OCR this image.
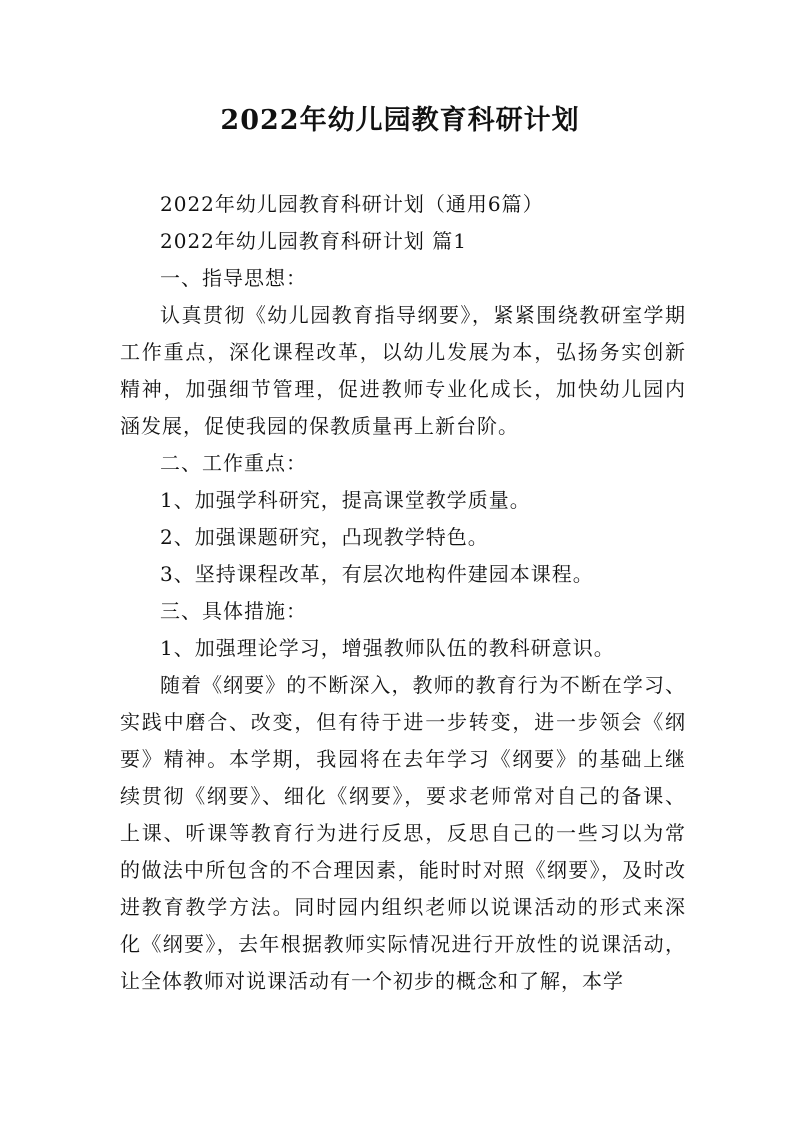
2022年幼儿园教育科研计划

2022年幼儿园教育科研计划（通用6篇）

2022年幼儿园教育科研计划 篇1

一、指导思想：

认真贯彻《幼儿园教育指导纲要》，紧紧围绕教研室学期工作重点，深化课程改革，以幼儿发展为本，弘扬务实创新精神，加强细节管理，促进教师专业化成长，加快幼儿园内涵发展，促使我园的保教质量再上新台阶。

二、工作重点：

1、加强学科研究，提高课堂教学质量。

2、加强课题研究，凸现教学特色。

3、坚持课程改革，有层次地构件建园本课程。

三、具体措施：

1、加强理论学习，增强教师队伍的教科研意识。

随着《纲要》的不断深入，教师的教育行为不断在学习、实践中磨合、改变，但有待于进一步转变，进一步领会《纲要》精神。本学期，我园将在去年学习《纲要》的基础上继续贯彻《纲要》、细化《纲要》，要求老师常对自己的备课、上课、听课等教育行为进行反思，反思自己的一些习以为常的做法中所包含的不合理因素，能时时对照《纲要》，及时改进教育教学方法。同时园内组织老师以说课活动的形式来深化《纲要》，去年根据教师实际情况进行开放性的说课活动，让全体教师对说课活动有一个初步的概念和了解，本学
